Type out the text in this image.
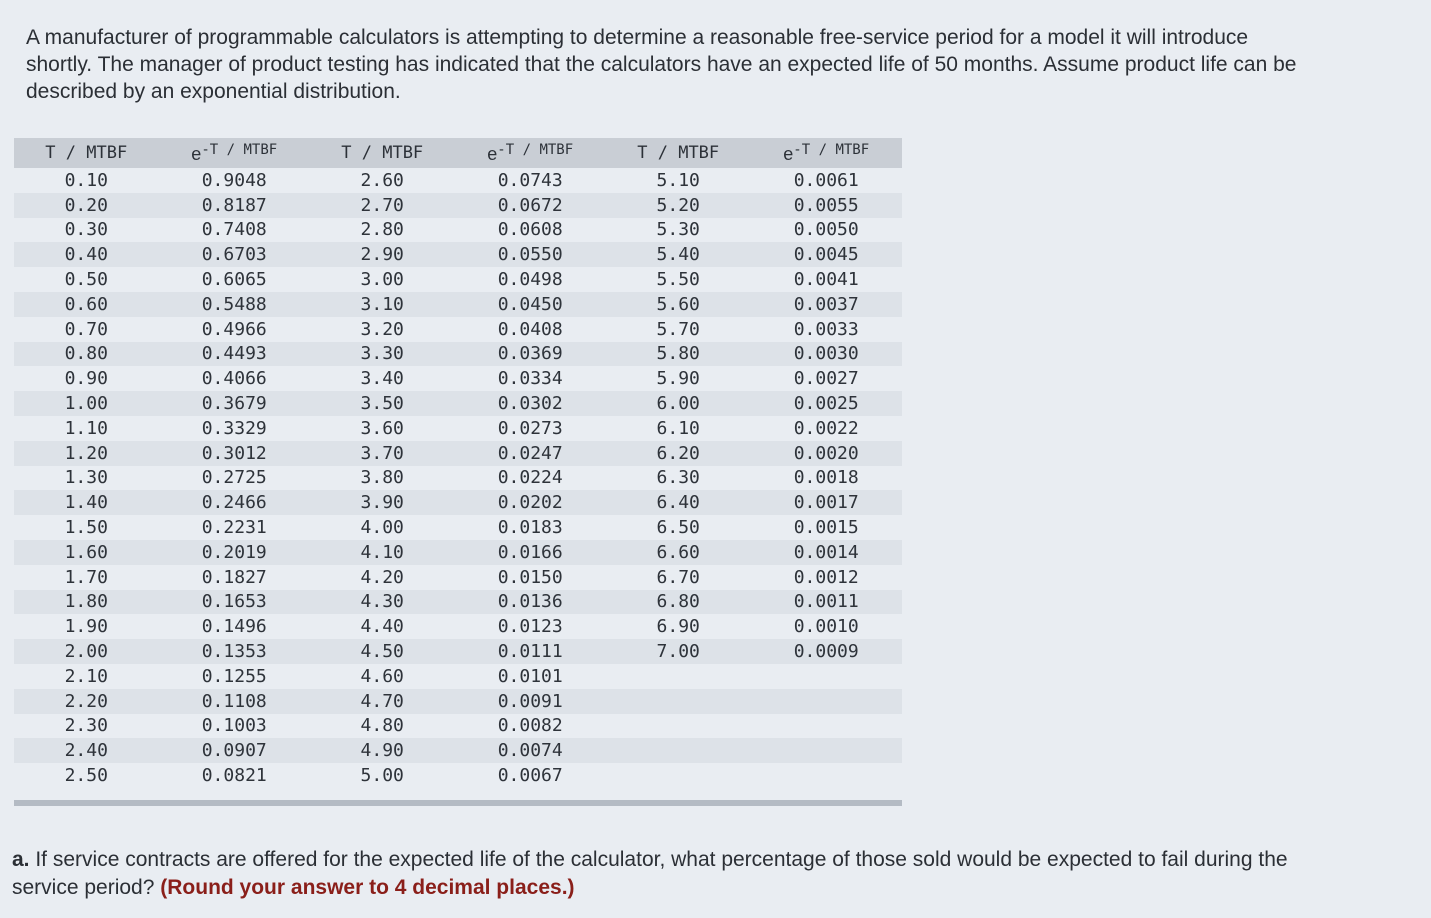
A manufacturer of programmable calculators is attempting to determine a reasonable free-service period for a model it will introduce shortly. The manager of product testing has indicated that the calculators have an expected life of 50 months. Assume product life can be described by an exponential distribution.
T / MTBF	$e^{-T / MTBF}$	T / MTBF	$e^{-T / MTBF}$	T / MTBF	$e^{-T / MTBF}$
0.10	0.9048	2.60	0.0743	5.10	0.0061
0.20	0.8187	2.70	0.0672	5.20	0.0055
0.30	0.7408	2.80	0.0608	5.30	0.0050
0.40	0.6703	2.90	0.0550	5.40	0.0045
0.50	0.6065	3.00	0.0498	5.50	0.0041
0.60	0.5488	3.10	0.0450	5.60	0.0037
0.70	0.4966	3.20	0.0408	5.70	0.0033
0.80	0.4493	3.30	0.0369	5.80	0.0030
0.90	0.4066	3.40	0.0334	5.90	0.0027
1.00	0.3679	3.50	0.0302	6.00	0.0025
1.10	0.3329	3.60	0.0273	6.10	0.0022
1.20	0.3012	3.70	0.0247	6.20	0.0020
1.30	0.2725	3.80	0.0224	6.30	0.0018
1.40	0.2466	3.90	0.0202	6.40	0.0017
1.50	0.2231	4.00	0.0183	6.50	0.0015
1.60	0.2019	4.10	0.0166	6.60	0.0014
1.70	0.1827	4.20	0.0150	6.70	0.0012
1.80	0.1653	4.30	0.0136	6.80	0.0011
1.90	0.1496	4.40	0.0123	6.90	0.0010
2.00	0.1353	4.50	0.0111	7.00	0.0009
2.10	0.1255	4.60	0.0101		
2.20	0.1108	4.70	0.0091		
2.30	0.1003	4.80	0.0082		
2.40	0.0907	4.90	0.0074		
2.50	0.0821	5.00	0.0067		
a. If service contracts are offered for the expected life of the calculator, what percentage of those sold would be expected to fail during the service period? (Round your answer to 4 decimal places.)
